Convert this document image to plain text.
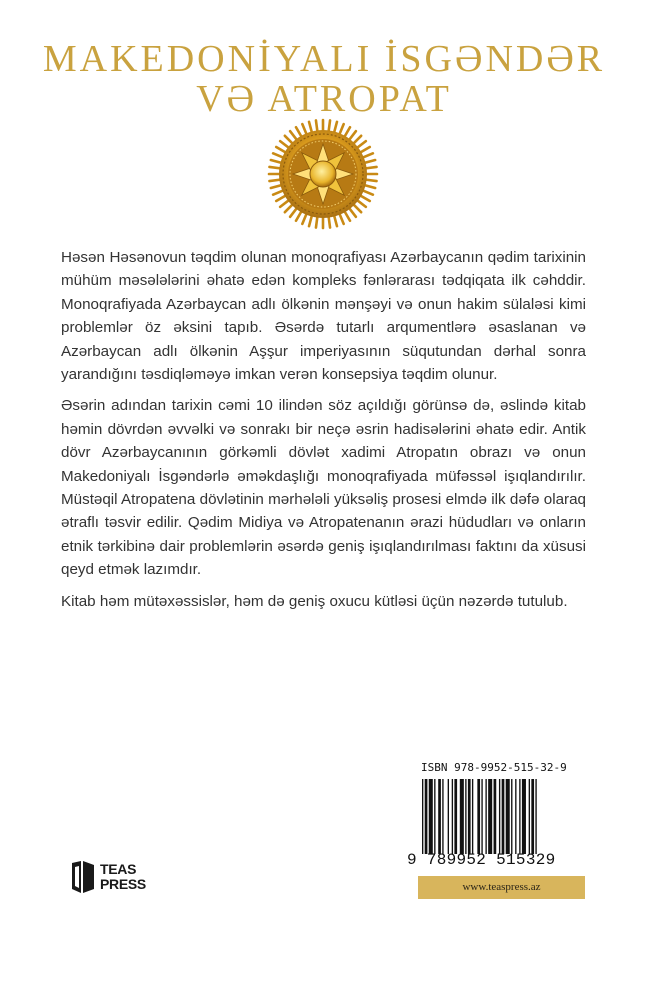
MAKEDONİYALI İSGƏNDƏR
VƏ ATROPAT

Həsən Həsənovun təqdim olunan monoqrafiyası Azərbaycanın qədim tarixinin mühüm məsələlərini əhatə edən kompleks fənlərarası tədqiqata ilk cəhddir. Monoqrafiyada Azərbaycan adlı ölkənin mənşəyi və onun hakim sülaləsi kimi problemlər öz əksini tapıb. Əsərdə tutarlı arqumentlərə əsaslanan və Azərbaycan adlı ölkənin Aşşur imperiyasının süqutundan dərhal sonra yarandığını təsdiqləməyə imkan verən konsepsiya təqdim olunur.

Əsərin adından tarixin cəmi 10 ilindən söz açıldığı görünsə də, əslində kitab həmin dövrdən əvvəlki və sonrakı bir neçə əsrin hadisələrini əhatə edir. Antik dövr Azərbaycanının görkəmli dövlət xadimi Atropatın obrazı və onun Makedoniyalı İsgəndərlə əməkdaşlığı monoqrafiyada müfəssəl işıqlandırılır. Müstəqil Atropatena dövlətinin mərhələli yüksəliş prosesi elmdə ilk dəfə olaraq ətraflı təsvir edilir. Qədim Midiya və Atropatenanın ərazi hüdudları və onların etnik tərkibinə dair problemlərin əsərdə geniş işıqlandırılması faktını da xüsusi qeyd etmək lazımdır.

Kitab həm mütəxəssislər, həm də geniş oxucu kütləsi üçün nəzərdə tutulub.

TEAS
PRESS
ISBN 978-9952-515-32-9
9 789952 515329
www.teaspress.az
